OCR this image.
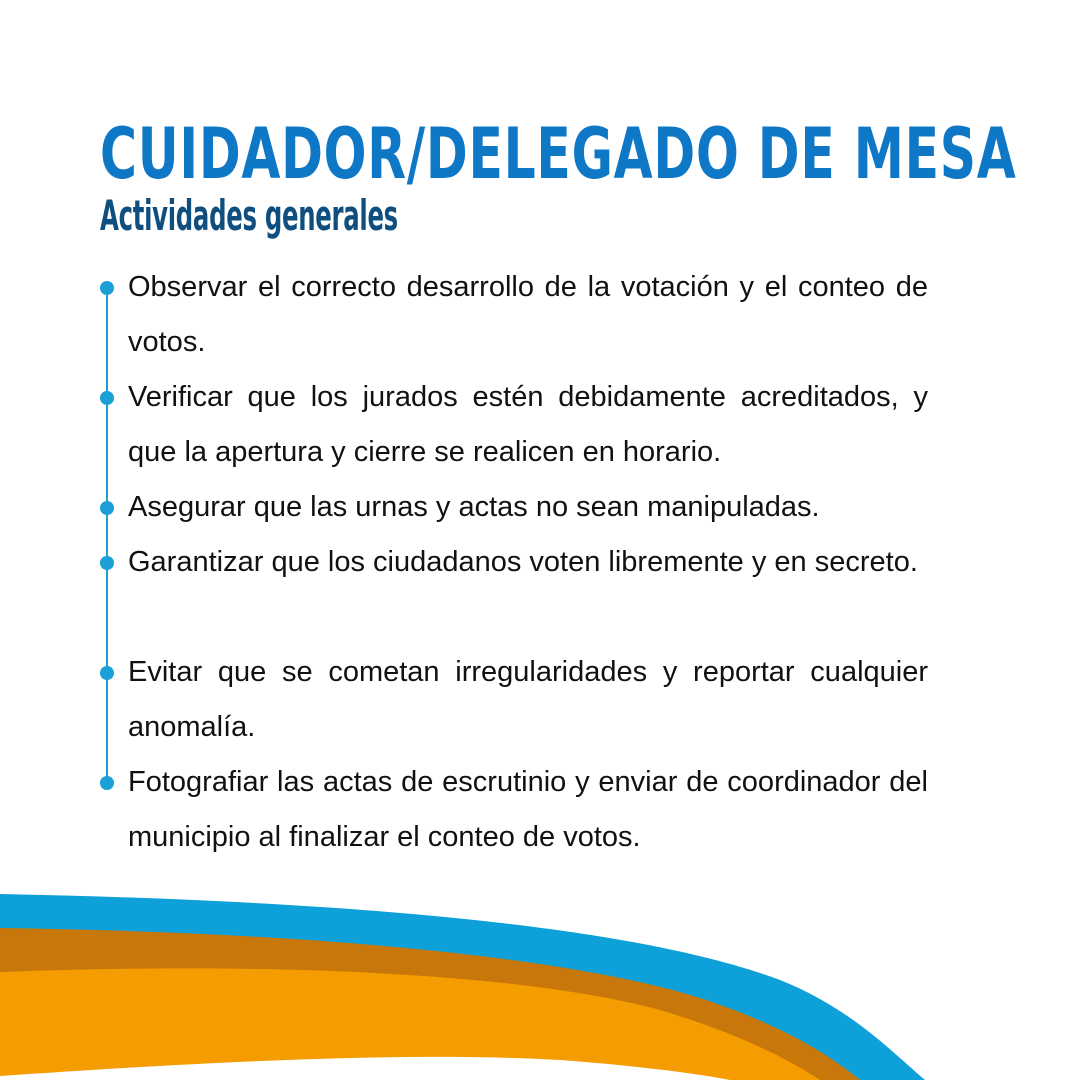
CUIDADOR/DELEGADO DE MESA
Actividades generales

Observar el correcto desarrollo de la votación y el conteo de votos.

Verificar que los jurados estén debidamente acreditados, y que la apertura y cierre se realicen en horario.

Asegurar que las urnas y actas no sean manipuladas.

Garantizar que los ciudadanos voten libremente y en secreto.

Evitar que se cometan irregularidades y reportar cualquier anomalía.

Fotografiar las actas de escrutinio y enviar de coordinador del municipio al finalizar el conteo de votos.
